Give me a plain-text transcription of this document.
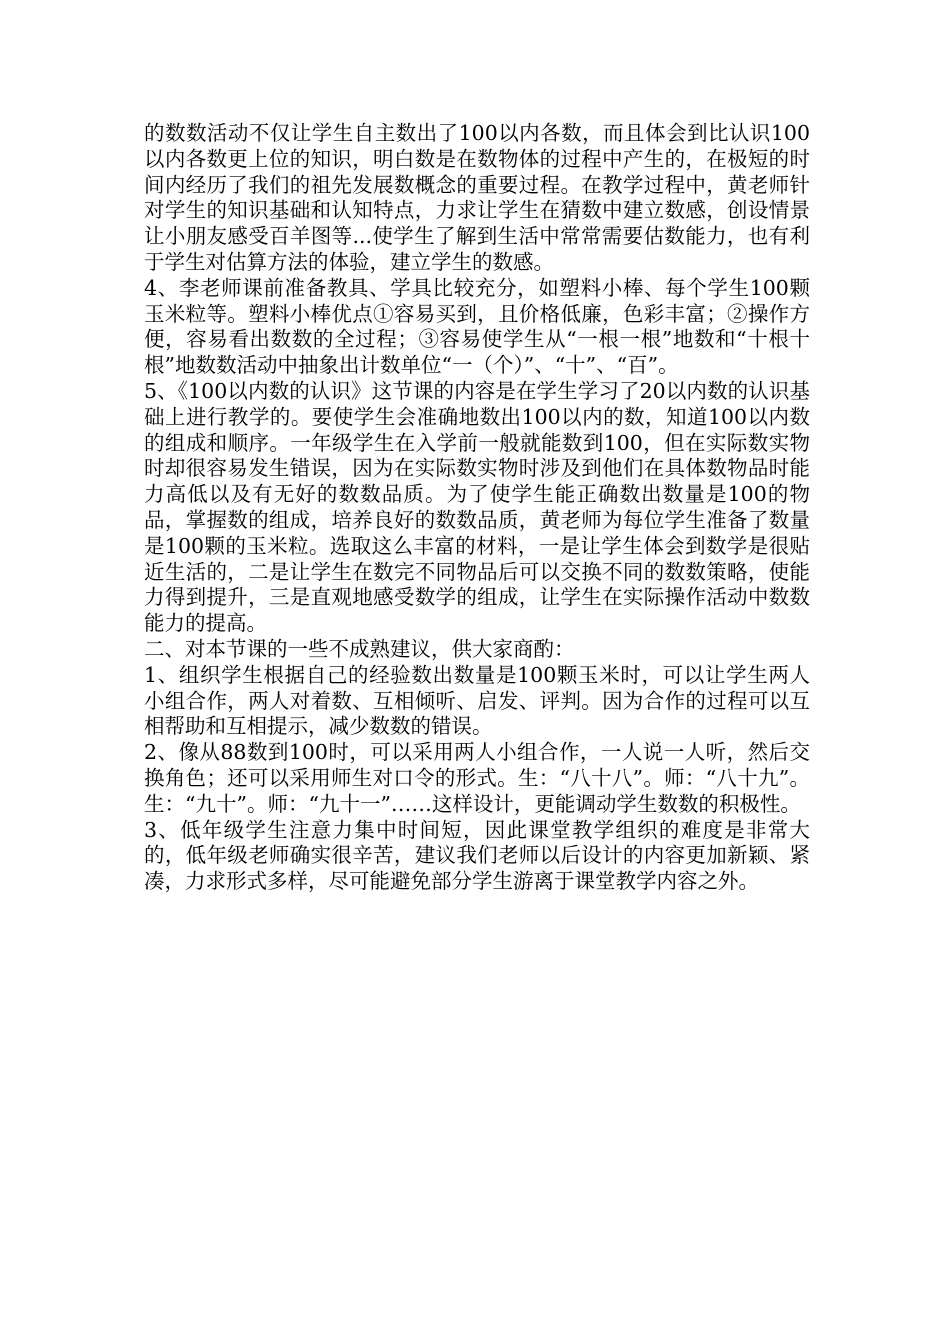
的数数活动不仅让学生自主数出了100以内各数，而且体会到比认识100以内各数更上位的知识，明白数是在数物体的过程中产生的，在极短的时间内经历了我们的祖先发展数概念的重要过程。在教学过程中，黄老师针对学生的知识基础和认知特点，力求让学生在猜数中建立数感，创设情景让小朋友感受百羊图等...使学生了解到生活中常常需要估数能力，也有利于学生对估算方法的体验，建立学生的数感。

4、李老师课前准备教具、学具比较充分，如塑料小棒、每个学生100颗玉米粒等。塑料小棒优点①容易买到，且价格低廉，色彩丰富；②操作方便，容易看出数数的全过程；③容易使学生从“一根一根”地数和“十根十根”地数数活动中抽象出计数单位“一（个）”、“十”、“百”。

5、《100以内数的认识》这节课的内容是在学生学习了20以内数的认识基础上进行教学的。要使学生会准确地数出100以内的数，知道100以内数的组成和顺序。一年级学生在入学前一般就能数到100，但在实际数实物时却很容易发生错误，因为在实际数实物时涉及到他们在具体数物品时能力高低以及有无好的数数品质。为了使学生能正确数出数量是100的物品，掌握数的组成，培养良好的数数品质，黄老师为每位学生准备了数量是100颗的玉米粒。选取这么丰富的材料，一是让学生体会到数学是很贴近生活的，二是让学生在数完不同物品后可以交换不同的数数策略，使能力得到提升，三是直观地感受数学的组成，让学生在实际操作活动中数数能力的提高。

二、对本节课的一些不成熟建议，供大家商酌：

1、组织学生根据自己的经验数出数量是100颗玉米时，可以让学生两人小组合作，两人对着数、互相倾听、启发、评判。因为合作的过程可以互相帮助和互相提示，减少数数的错误。

2、像从88数到100时，可以采用两人小组合作，一人说一人听，然后交换角色；还可以采用师生对口令的形式。生：“八十八”。师：“八十九”。生：“九十”。师：“九十一”……这样设计，更能调动学生数数的积极性。

3、低年级学生注意力集中时间短，因此课堂教学组织的难度是非常大的，低年级老师确实很辛苦，建议我们老师以后设计的内容更加新颖、紧凑，力求形式多样，尽可能避免部分学生游离于课堂教学内容之外。
